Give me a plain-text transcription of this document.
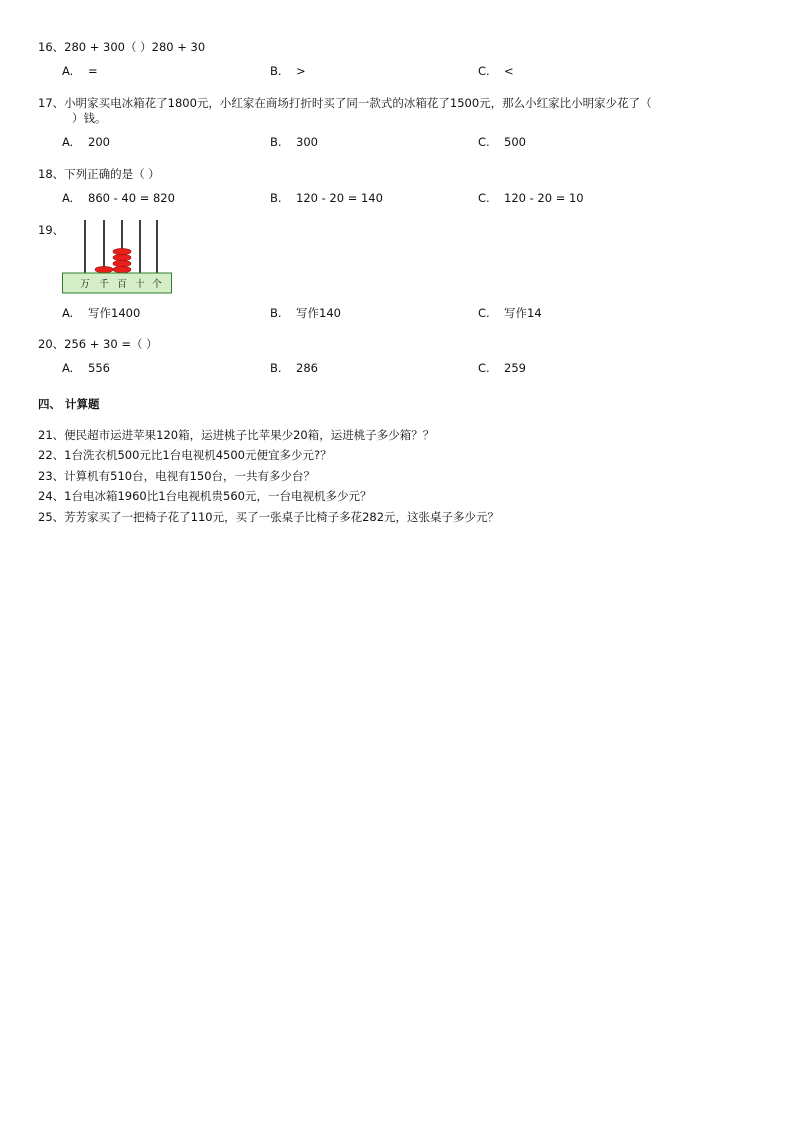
16、280 + 300（ ）280 + 30
A. =	B. >	C. <
17、小明家买电冰箱花了1800元，小红家在商场打折时买了同一款式的冰箱花了1500元，那么小红家比小明家少花了（
）钱。
A. 200	B. 300	C. 500
18、下列正确的是（ ）
A. 860 - 40 = 820	B. 120 - 20 = 140	C. 120 - 20 = 10
19、
万 千 百 十 个
A. 写作1400	B. 写作140	C. 写作14
20、256 + 30 =（ ）
A. 556	B. 286	C. 259
四、 计算题
21、便民超市运进苹果120箱，运进桃子比苹果少20箱，运进桃子多少箱？？
22、1台洗衣机500元比1台电视机4500元便宜多少元?？
23、计算机有510台，电视有150台，一共有多少台？
24、1台电冰箱1960比1台电视机贵560元，一台电视机多少元？
25、芳芳家买了一把椅子花了110元，买了一张桌子比椅子多花282元，这张桌子多少元？
